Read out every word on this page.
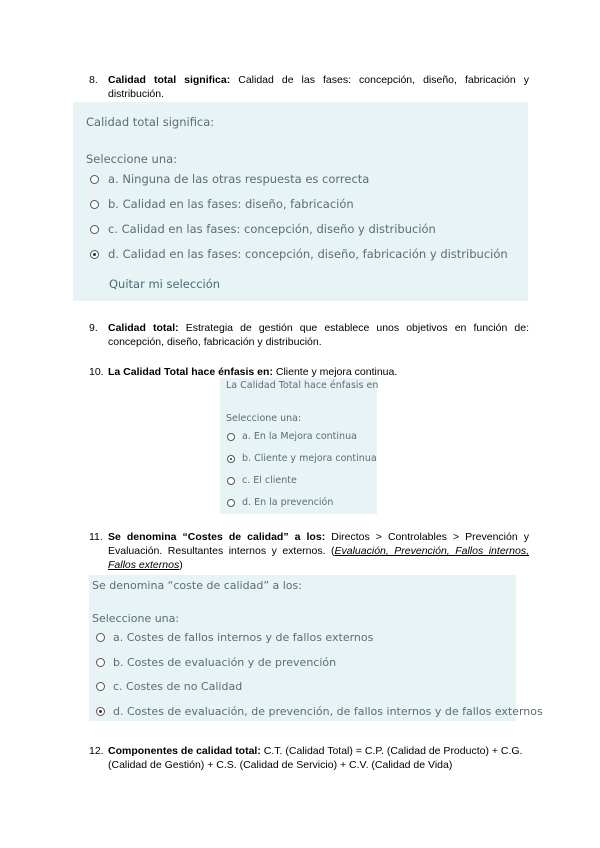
8. Calidad total significa: Calidad de las fases: concepción, diseño, fabricación y distribución.
Calidad total significa:
Seleccione una:
a. Ninguna de las otras respuesta es correcta
b. Calidad en las fases: diseño, fabricación
c. Calidad en las fases: concepción, diseño y distribución
d. Calidad en las fases: concepción, diseño, fabricación y distribución
Quitar mi selección
9. Calidad total: Estrategia de gestión que establece unos objetivos en función de: concepción, diseño, fabricación y distribución.
10. La Calidad Total hace énfasis en: Cliente y mejora continua.
La Calidad Total hace énfasis en
Seleccione una:
a. En la Mejora continua
b. Cliente y mejora continua
c. El cliente
d. En la prevención
11. Se denomina “Costes de calidad” a los: Directos > Controlables > Prevención y Evaluación. Resultantes internos y externos. (Evaluación, Prevención, Fallos internos, Fallos externos)
Se denomina “coste de calidad” a los:
Seleccione una:
a. Costes de fallos internos y de fallos externos
b. Costes de evaluación y de prevención
c. Costes de no Calidad
d. Costes de evaluación, de prevención, de fallos internos y de fallos externos
12. Componentes de calidad total: C.T. (Calidad Total) = C.P. (Calidad de Producto) + C.G. (Calidad de Gestión) + C.S. (Calidad de Servicio) + C.V. (Calidad de Vida)
